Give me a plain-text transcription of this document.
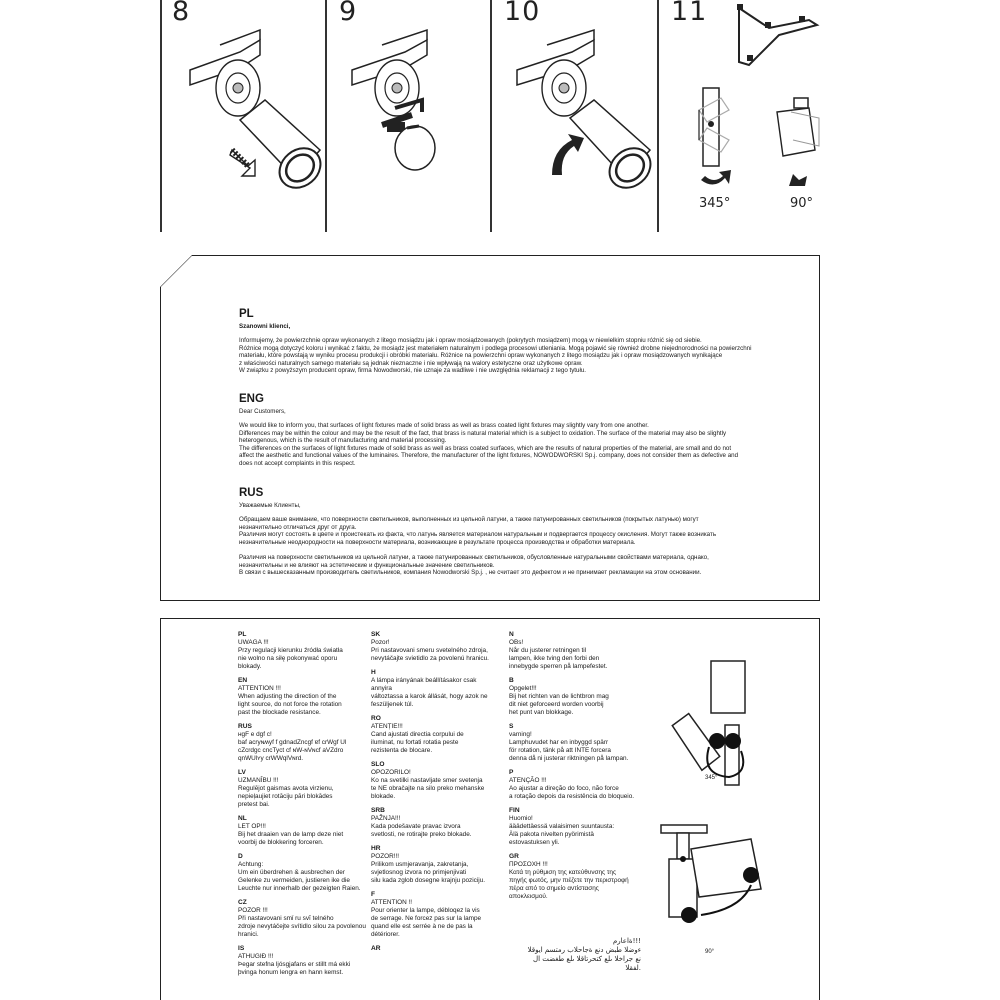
8	9	10	11
345°	90°
PL
Szanowni klienci,
Informujemy, że powierzchnie opraw wykonanych z litego mosiądzu jak i opraw mosiądzowanych (pokrytych mosiądzem) mogą w niewielkim stopniu różnić się od siebie.
Różnice mogą dotyczyć koloru i wynikać z faktu, że mosiądz jest materiałem naturalnym i podlega procesowi utleniania. Mogą pojawić się również drobne niejednorodności na powierzchni
materiału, które powstają w wyniku procesu produkcji i obróbki materiału. Różnice na powierzchni opraw wykonanych z litego mosiądzu jak i opraw mosiądzowanych wynikające
z właściwości naturalnych samego materiału są jednak nieznaczne i nie wpływają na walory estetyczne oraz użytkowe opraw.
W związku z powyższym producent opraw, firma Nowodworski, nie uznaje za wadliwe i nie uwzględnia reklamacji z tego tytułu.
ENG
Dear Customers,
We would like to inform you, that surfaces of light fixtures made of solid brass as well as brass coated light fixtures may slightly vary from one another.
Differences may be within the colour and may be the result of the fact, that brass is natural material which is a subject to oxidation. The surface of the material may also be slightly
heterogenous, which is the result of manufacturing and material processing.
The differences on the surfaces of light fixtures made of solid brass as well as brass coated surfaces, which are the results of natural properties of the material, are small and do not
affect the aesthetic and functional values of the luminaires. Therefore, the manufacturer of the light fixtures, NOWODWORSKI Sp.j. company, does not consider them as defective and
does not accept complaints in this respect.
RUS
Уважаемые Клиенты,
Обращаем ваше внимание, что поверхности светильников, выполненных из цельной латуни, а также патунированных светильников (покрытых латунью) могут
незначительно отличаться друг от друга.
Различия могут состоять в цвете и проистекать из факта, что латунь является материалом натуральным и подвергается процессу окисления. Могут также возникать
незначительные неоднородности на поверхности материала, возникающие в результате процесса производства и обработки материала.

Различия на поверхности светильников из цельной латуни, а также патунированных светильников, обусловленные натуральными свойствами материала, однако,
незначительны и не влияют на эстетические и функциональные значение светильников.
В связи с вышесказанным производитель светильников, компания Nowodworski Sp.j. , не считает это дефектом и не принимает рекламации на этом основании.
PL
UWAGA !!!
Przy regulacji kierunku źródła światła
nie wolno na siłę pokonywać oporu
blokady.
EN
ATTENTION !!!
When adjusting the direction of the
light source, do not force the rotation
past the blockade resistance.
RUS
ʜgF e dgf c!
baf acryɴʍyf f gdnadZncgf ɐf crWgf Ul
cZcrdgc cncTyct cf ɴW-ɴVɴcf aVZdro
qnWUlʏy crWWqlVɴrd.
LV
UZMANĪBU !!!
Regulējot gaismas avota virzienu,
nepieļaujiet rotāciju pāri blokādes
pretest bai.
NL
LET OP!!!
Bij het draaien van de lamp deze niet
voorbij de blokkering forceren.
D
Achtung:
Um ein überdrehen & ausbrechen der
Gelenke zu vermeiden, justieren ike die
Leuchte nur innerhalb der gezeigten Raien.
CZ
POZOR !!!
Při nastavovani smǐ ru svĭ telného
zdroje nevytáčejte svítidlo silou za povolenou
hranici.
IS
ATHUGIĐ !!!
Þegar stefna ljósgjafans er stillt má ekki
þvinga honum lengra en hann kemst.
SK
Pozor!
Pri nastavovani smeru svetelného zdroja,
nevytáčajte svietidlo za povolenú hranicu.
H
A lámpa irányának beállításakor csak annyira
változtassa a karok állását, hogy azok ne
feszüljenek túl.
RO
ATENȚIE!!!
Cand ajustati directia corpului de
iluminat, nu fortati rotatia peste
rezistenta de blocare.
SLO
OPOZORILO!
Ko na svetilki nastavljate smer svetenja
te NE obračajte na silo preko mehanske
blokade.
SRB
PAŽNJA!!!
Kada podešavate pravac izvora
svetlosti, ne rotirajte preko blokade.
HR
POZOR!!!
Prilikom usmjeravanja, zakretanja,
svjetlosnog izvora no primjenjivati
silu kada zglob dosegne krajnju poziciju.
F
ATTENTION !!
Pour orienter la lampe, débloqez la vis
de serrage. Ne forcez pas sur la lampe
quand elle est serrée à ne de pas la détériorer.
AR
N
OBs!
Når du justerer retningen til
lampen, ikke tving den forbi den
innebygde sperren på lampefestet.
B
Opgelet!!!
Bij het richten van de lichtbron mag
dit niet geforceerd worden voorbij
het punt van blokkage.
S
varning!
Lamphuvudet har en inbyggd spärr
för rotation, tänk på att INTE forcera
denna då ni justerar riktningen på lampan.
P
ATENÇÃO !!!
Ao ajustar a direção do foco, não force
a rotação depois da resistência do bloqueio.
FIN
Huomio!
ääädettäessä valaisimen suuntausta:
Älä pakota nivelten pyörimistä
estovastuksen yli.
GR
ΠΡΟΣΟΧΗ !!!
Κατά τη ρύθμιση της κατεύθυνσης της
πηγής φωτός, μην πιέζετε την περιστροφή
πέρα από το σημείο αντίστασης αποκλεισμού.
!!!ةاعارم
ءوضلا طبض دنع ةجاحلاب رمتسم ايوقلا
نع جراخلا ىلع كتحرتاقلا ىلع طغضت ال
.لفقلا
345°
90°
